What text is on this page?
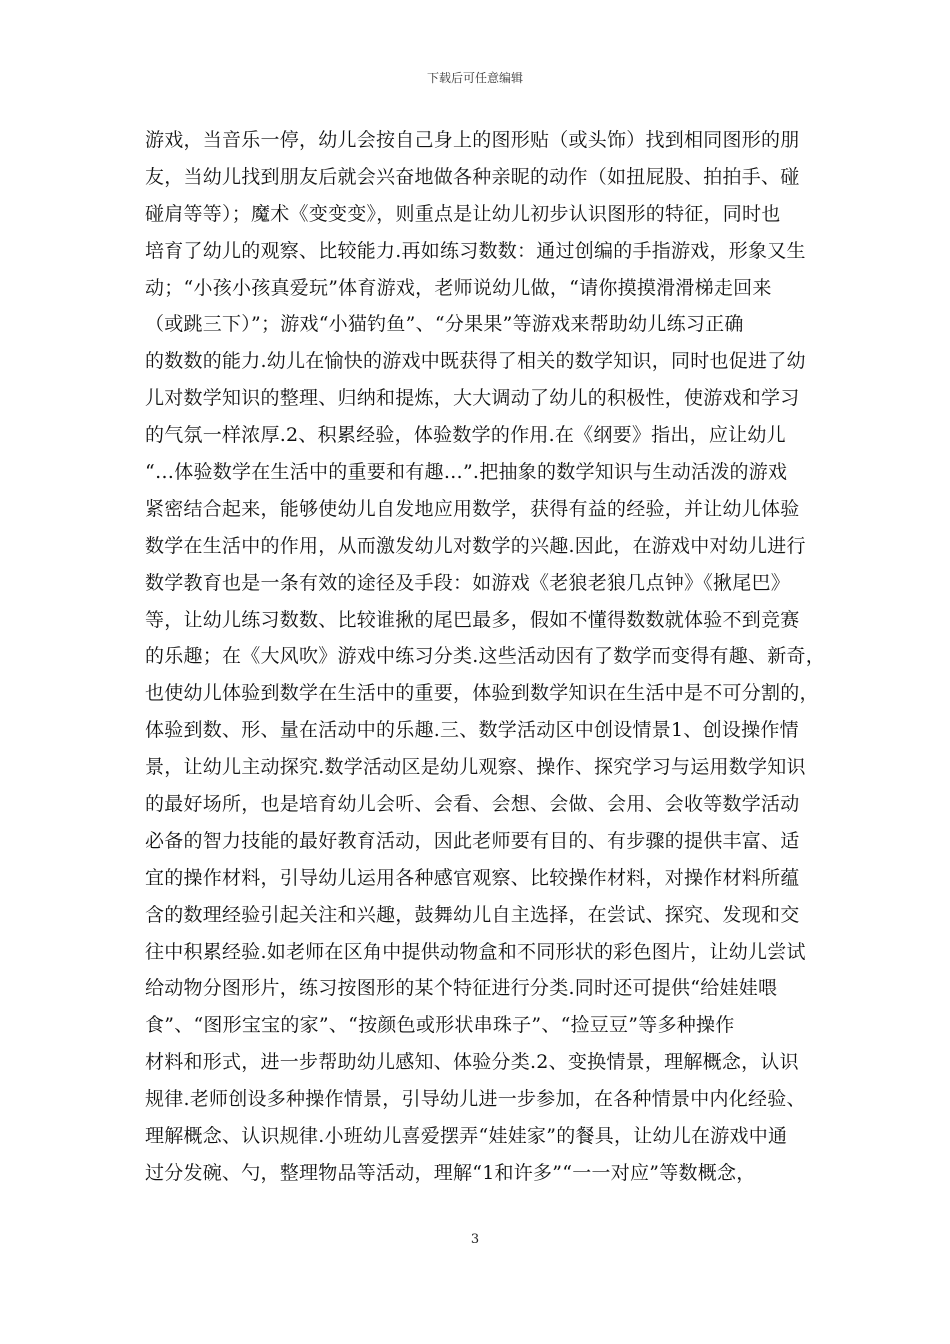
下载后可任意编辑
游戏，当音乐一停，幼儿会按自己身上的图形贴（或头饰）找到相同图形的朋
友，当幼儿找到朋友后就会兴奋地做各种亲昵的动作（如扭屁股、拍拍手、碰
碰肩等等）；魔术《变变变》，则重点是让幼儿初步认识图形的特征，同时也
培育了幼儿的观察、比较能力.再如练习数数：通过创编的手指游戏，形象又生
动；“小孩小孩真爱玩”体育游戏，老师说幼儿做，“请你摸摸滑滑梯走回来
（或跳三下）”；游戏“小猫钓鱼”、“分果果”等游戏来帮助幼儿练习正确
的数数的能力.幼儿在愉快的游戏中既获得了相关的数学知识，同时也促进了幼
儿对数学知识的整理、归纳和提炼，大大调动了幼儿的积极性，使游戏和学习
的气氛一样浓厚.2、积累经验，体验数学的作用.在《纲要》指出，应让幼儿
“…体验数学在生活中的重要和有趣…”.把抽象的数学知识与生动活泼的游戏
紧密结合起来，能够使幼儿自发地应用数学，获得有益的经验，并让幼儿体验
数学在生活中的作用，从而激发幼儿对数学的兴趣.因此，在游戏中对幼儿进行
数学教育也是一条有效的途径及手段：如游戏《老狼老狼几点钟》《揪尾巴》
等，让幼儿练习数数、比较谁揪的尾巴最多，假如不懂得数数就体验不到竞赛
的乐趣；在《大风吹》游戏中练习分类.这些活动因有了数学而变得有趣、新奇，
也使幼儿体验到数学在生活中的重要，体验到数学知识在生活中是不可分割的，
体验到数、形、量在活动中的乐趣.三、数学活动区中创设情景1、创设操作情
景，让幼儿主动探究.数学活动区是幼儿观察、操作、探究学习与运用数学知识
的最好场所，也是培育幼儿会听、会看、会想、会做、会用、会收等数学活动
必备的智力技能的最好教育活动，因此老师要有目的、有步骤的提供丰富、适
宜的操作材料，引导幼儿运用各种感官观察、比较操作材料，对操作材料所蕴
含的数理经验引起关注和兴趣，鼓舞幼儿自主选择，在尝试、探究、发现和交
往中积累经验.如老师在区角中提供动物盒和不同形状的彩色图片，让幼儿尝试
给动物分图形片，练习按图形的某个特征进行分类.同时还可提供“给娃娃喂
食”、“图形宝宝的家”、“按颜色或形状串珠子”、“捡豆豆”等多种操作
材料和形式，进一步帮助幼儿感知、体验分类.2、变换情景，理解概念，认识
规律.老师创设多种操作情景，引导幼儿进一步参加，在各种情景中内化经验、
理解概念、认识规律.小班幼儿喜爱摆弄“娃娃家”的餐具，让幼儿在游戏中通
过分发碗、勺，整理物品等活动，理解“1和许多”“一一对应”等数概念，
3
